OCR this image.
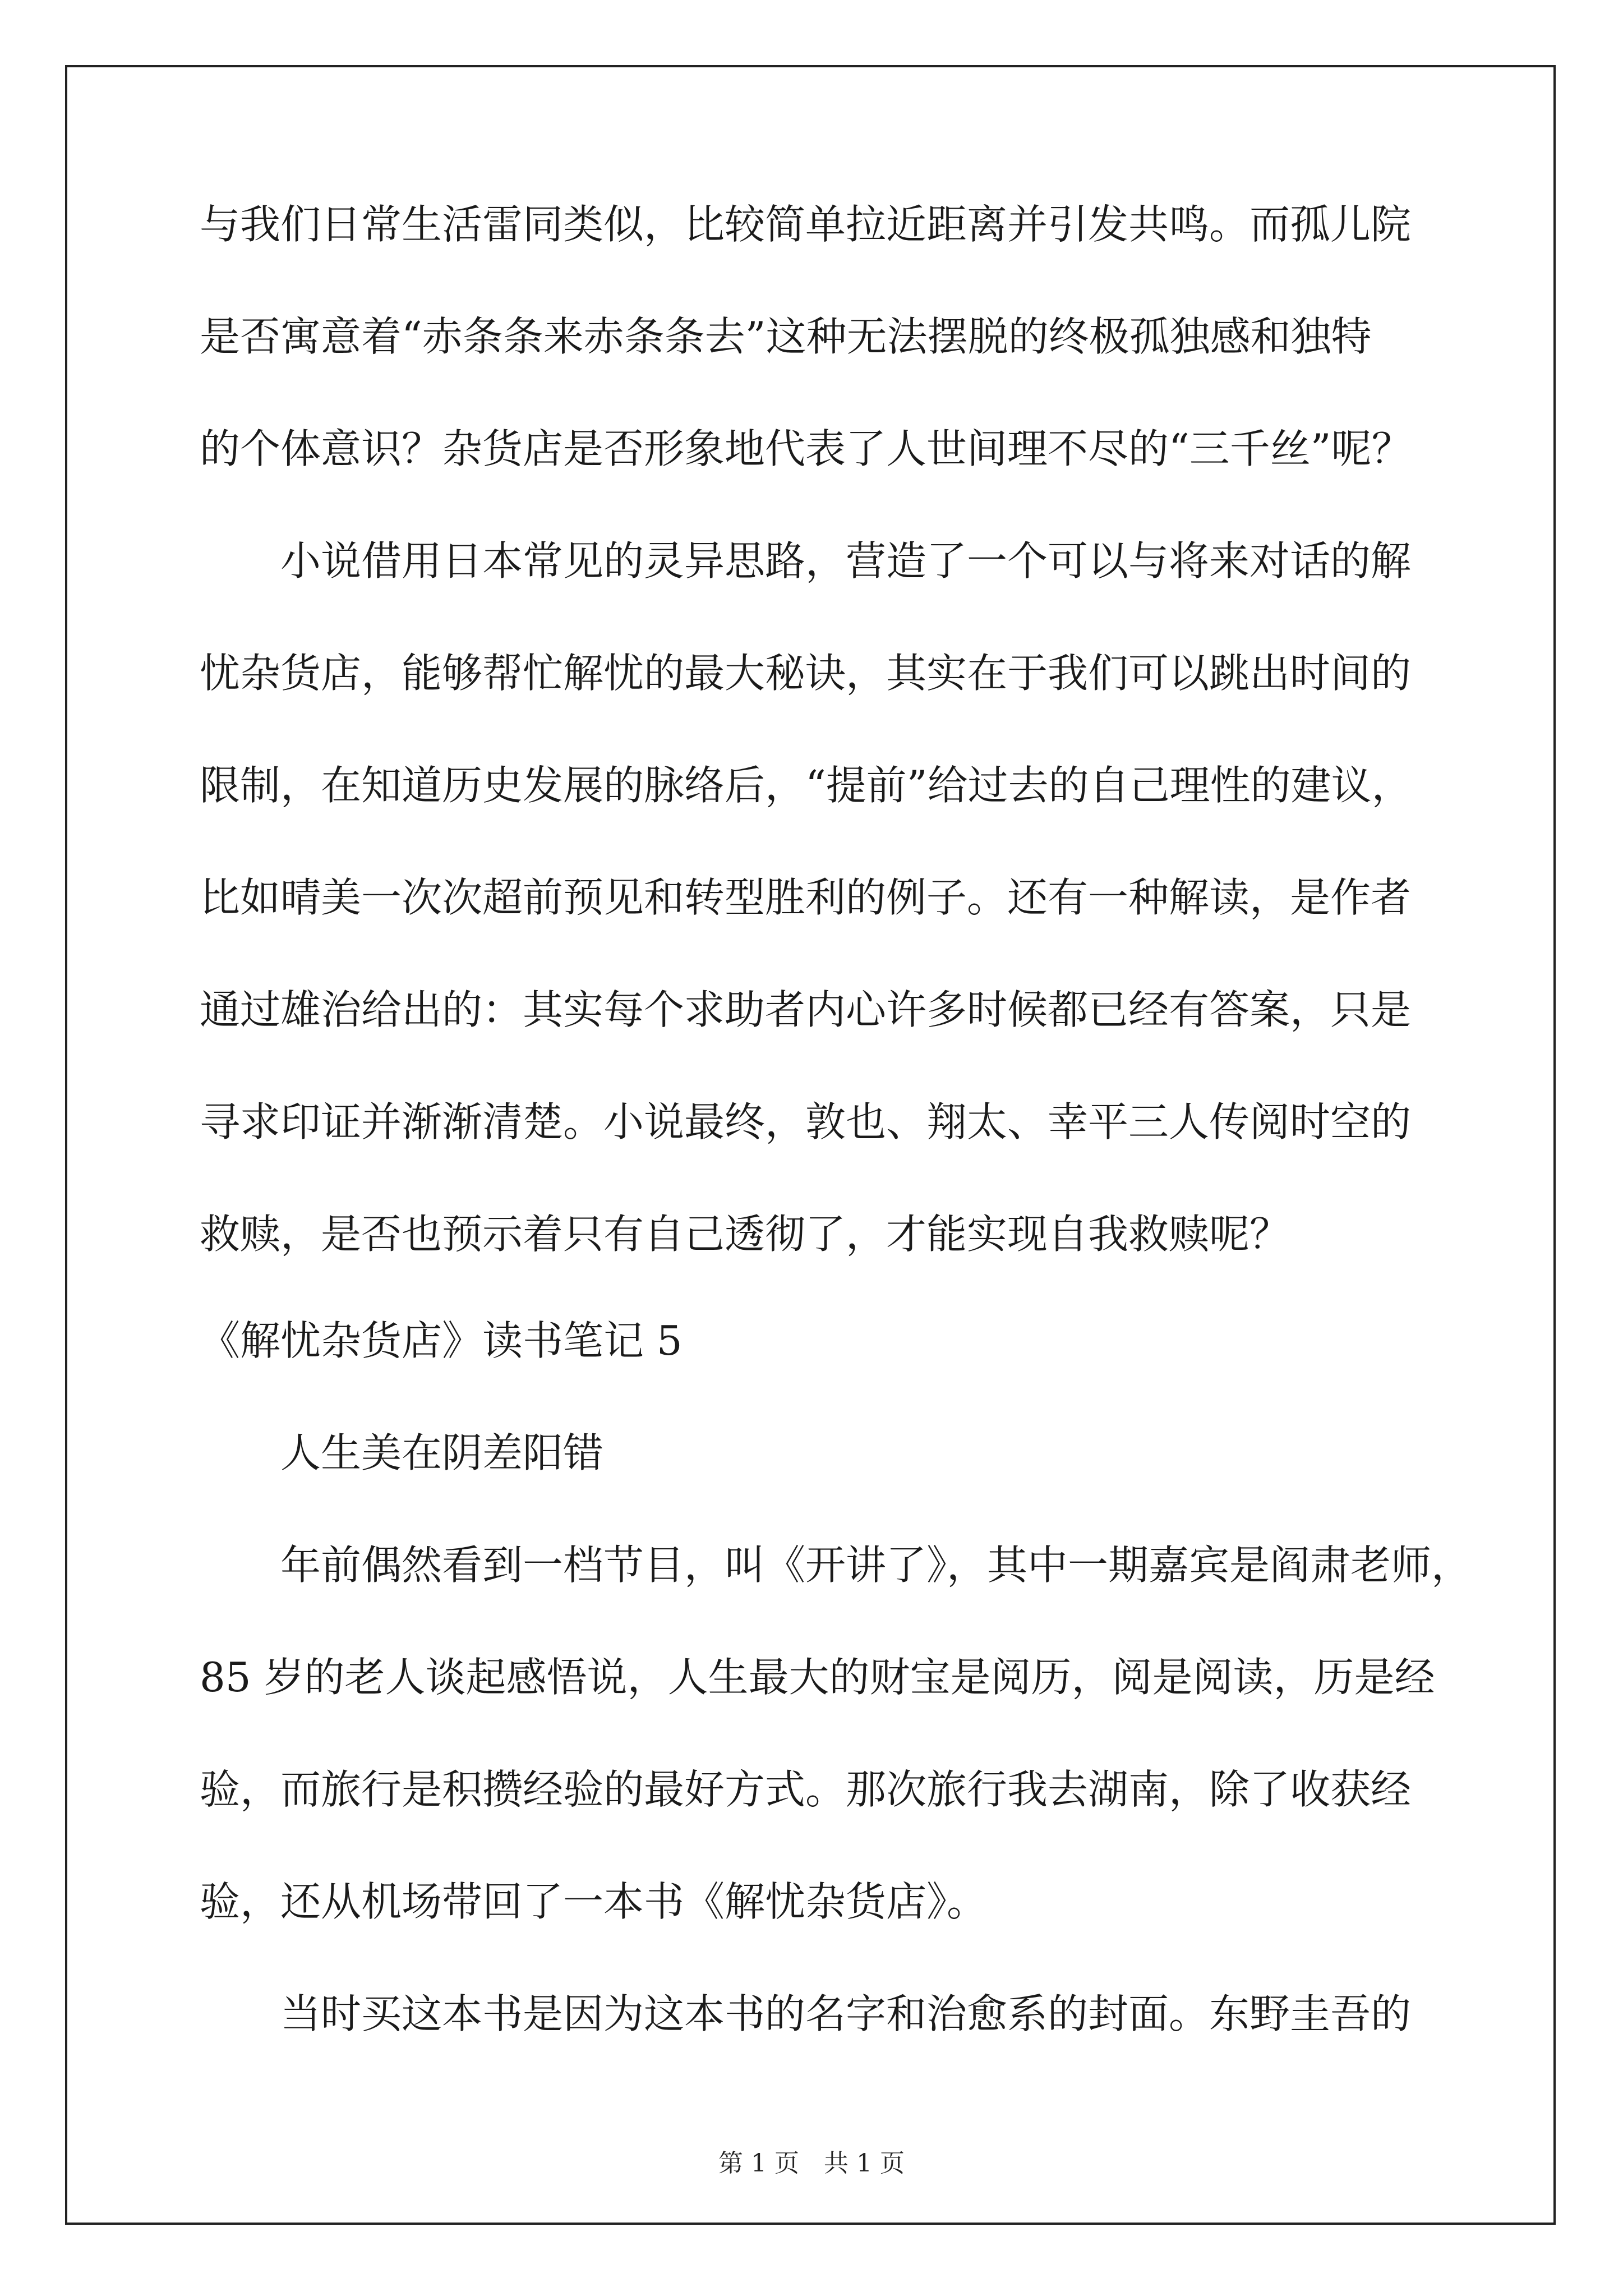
与我们日常生活雷同类似，比较简单拉近距离并引发共鸣。而孤儿院
是否寓意着“赤条条来赤条条去”这种无法摆脱的终极孤独感和独特
的个体意识？杂货店是否形象地代表了人世间理不尽的“三千丝”呢？
小说借用日本常见的灵异思路，营造了一个可以与将来对话的解
忧杂货店，能够帮忙解忧的最大秘诀，其实在于我们可以跳出时间的
限制，在知道历史发展的脉络后，“提前”给过去的自己理性的建议，
比如晴美一次次超前预见和转型胜利的例子。还有一种解读，是作者
通过雄治给出的：其实每个求助者内心许多时候都已经有答案，只是
寻求印证并渐渐清楚。小说最终，敦也、翔太、幸平三人传阅时空的
救赎，是否也预示着只有自己透彻了，才能实现自我救赎呢？
《解忧杂货店》读书笔记 5
人生美在阴差阳错
年前偶然看到一档节目，叫《开讲了》，其中一期嘉宾是阎肃老师，
85 岁的老人谈起感悟说，人生最大的财宝是阅历，阅是阅读，历是经
验，而旅行是积攒经验的最好方式。那次旅行我去湖南，除了收获经
验，还从机场带回了一本书《解忧杂货店》。
当时买这本书是因为这本书的名字和治愈系的封面。东野圭吾的
第 1 页　共 1 页
